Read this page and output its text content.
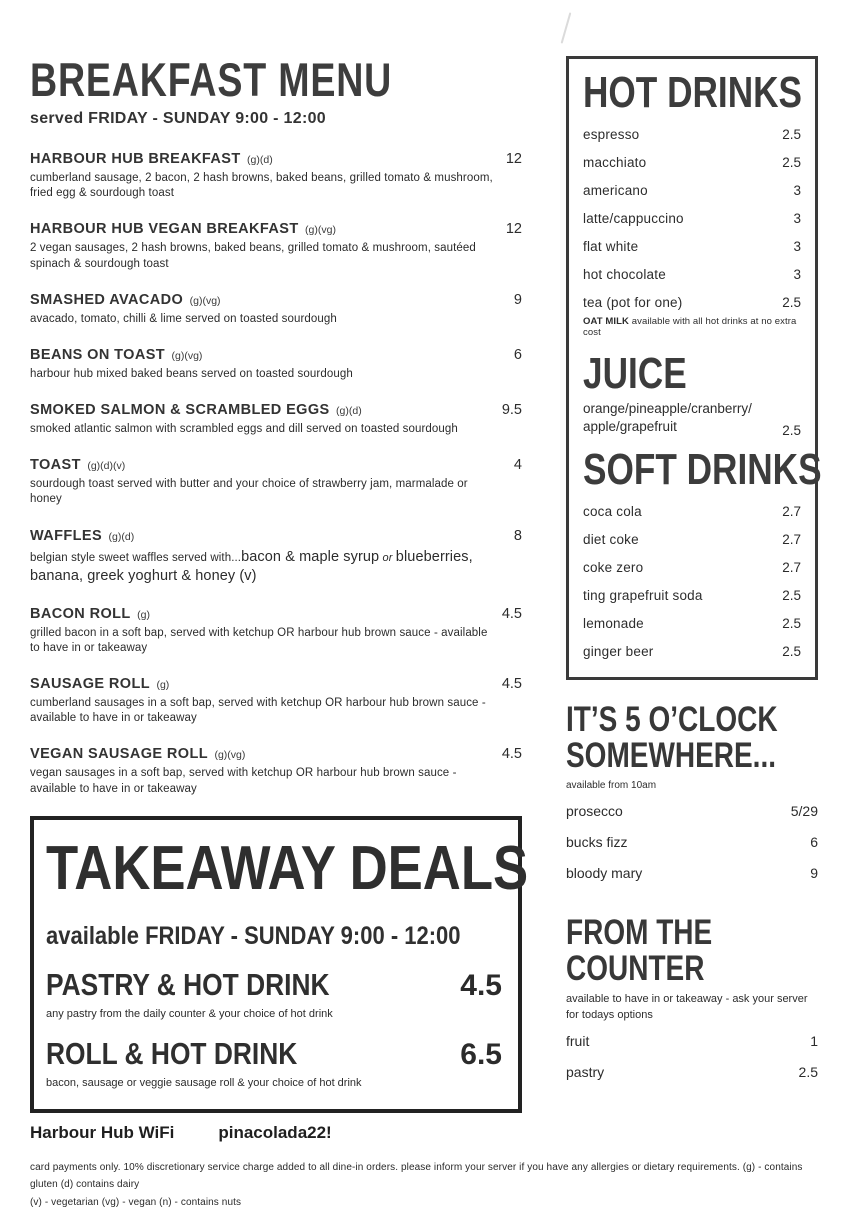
BREAKFAST MENU
served FRIDAY - SUNDAY 9:00 - 12:00
HARBOUR HUB BREAKFAST (g)(d)	12
cumberland sausage, 2 bacon, 2 hash browns, baked beans, grilled tomato & mushroom, fried egg & sourdough toast
HARBOUR HUB VEGAN BREAKFAST (g)(vg)	12
2 vegan sausages, 2 hash browns, baked beans, grilled tomato & mushroom, sautéed spinach & sourdough toast
SMASHED AVACADO (g)(vg)	9
avacado, tomato, chilli & lime served on toasted sourdough
BEANS ON TOAST (g)(vg)	6
harbour hub mixed baked beans served on toasted sourdough
SMOKED SALMON & SCRAMBLED EGGS (g)(d)	9.5
smoked atlantic salmon with scrambled eggs and dill served on toasted sourdough
TOAST (g)(d)(v)	4
sourdough toast served with butter and your choice of strawberry jam, marmalade or honey
WAFFLES (g)(d)	8
belgian style sweet waffles served with...bacon & maple syrup or blueberries, banana, greek yoghurt & honey (v)
BACON ROLL (g)	4.5
grilled bacon in a soft bap, served with ketchup OR harbour hub brown sauce - available to have in or takeaway
SAUSAGE ROLL (g)	4.5
cumberland sausages in a soft bap, served with ketchup OR harbour hub brown sauce - available to have in or takeaway
VEGAN SAUSAGE ROLL (g)(vg)	4.5
vegan sausages in a soft bap, served with ketchup OR harbour hub brown sauce - available to have in or takeaway
TAKEAWAY DEALS
available FRIDAY - SUNDAY 9:00 - 12:00
PASTRY & HOT DRINK	4.5
any pastry from the daily counter & your choice of hot drink
ROLL & HOT DRINK	6.5
bacon, sausage or veggie sausage roll & your choice of hot drink
HOT DRINKS
espresso	2.5
macchiato	2.5
americano	3
latte/cappuccino	3
flat white	3
hot chocolate	3
tea (pot for one)	2.5
OAT MILK available with all hot drinks at no extra cost
JUICE
orange/pineapple/cranberry/
apple/grapefruit	2.5
SOFT DRINKS
coca cola	2.7
diet coke	2.7
coke zero	2.7
ting grapefruit soda	2.5
lemonade	2.5
ginger beer	2.5
IT’S 5 O’CLOCK
SOMEWHERE...
available from 10am
prosecco	5/29
bucks fizz	6
bloody mary	9
FROM THE
COUNTER
available to have in or takeaway - ask your server for todays options
fruit	1
pastry	2.5
Harbour Hub WiFi	pinacolada22!
card payments only. 10% discretionary service charge added to all dine-in orders. please inform your server if you have any allergies or dietary requirements. (g) - contains gluten (d) contains dairy
(v) - vegetarian (vg) - vegan (n) - contains nuts
